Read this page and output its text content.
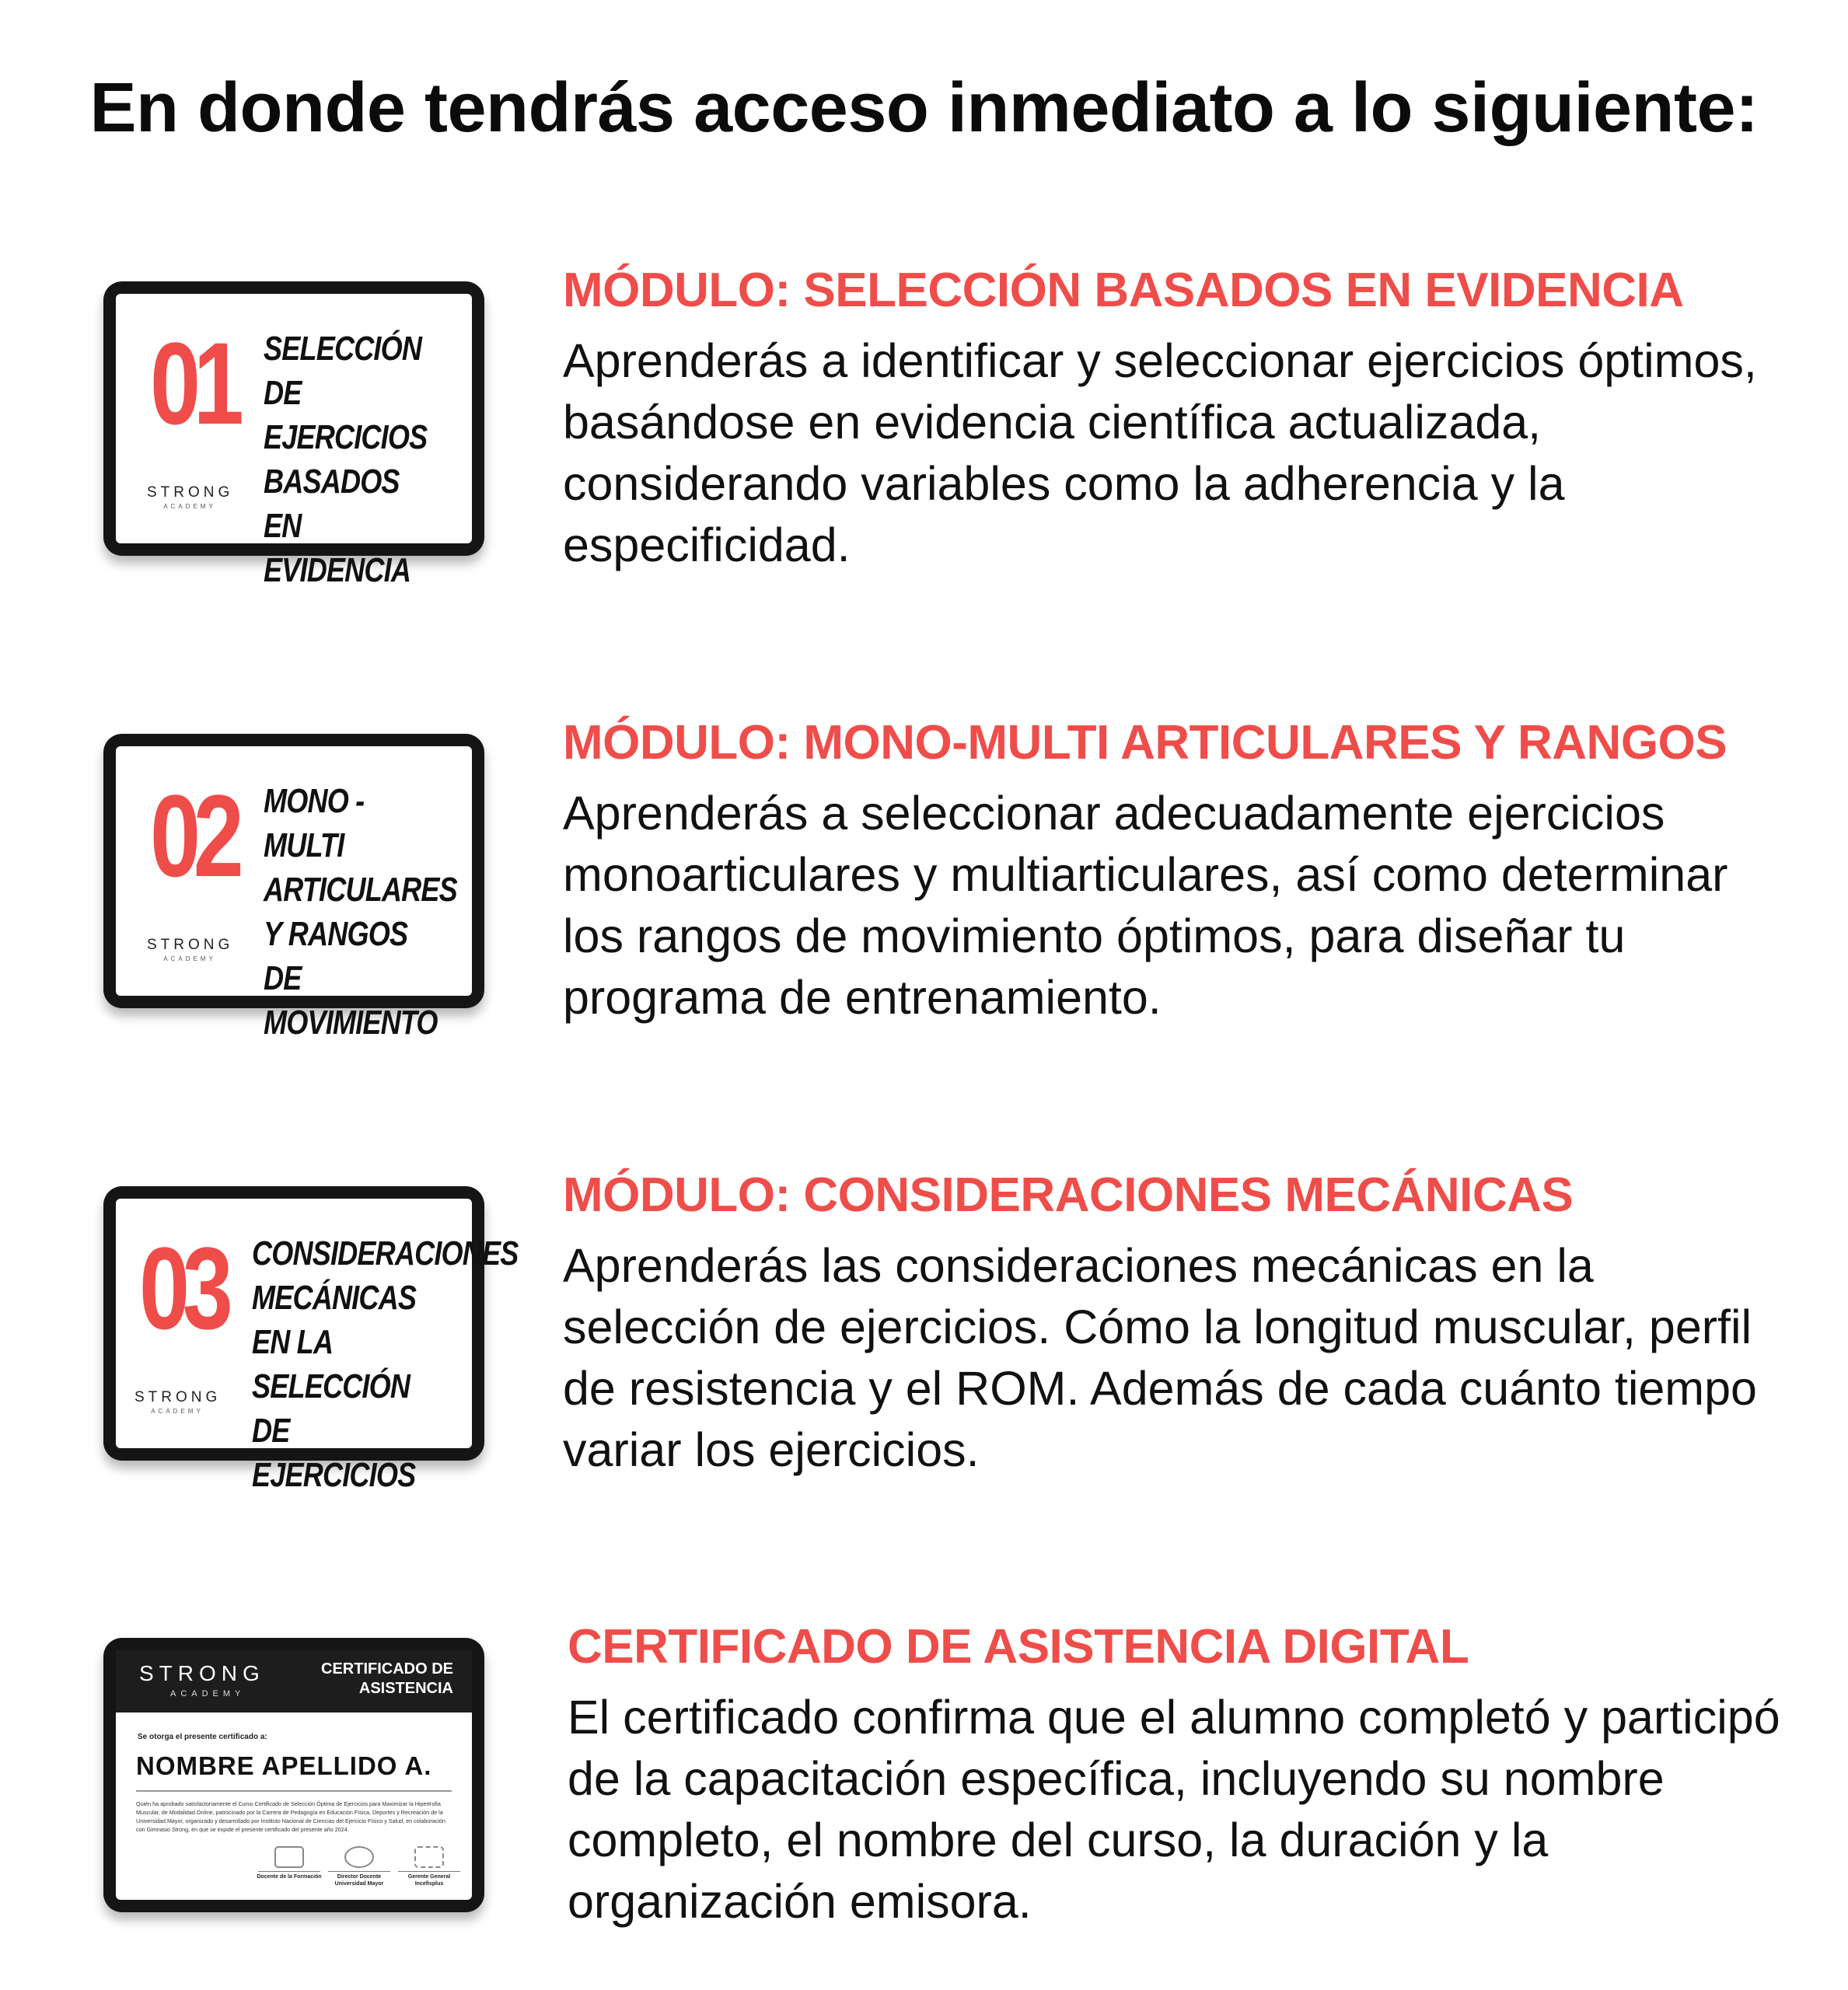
En donde tendrás acceso inmediato a lo siguiente:
01 SELECCIÓN DE EJERCICIOS BASADOS EN EVIDENCIA
STRONG
ACADEMY
MÓDULO: SELECCIÓN BASADOS EN EVIDENCIA
Aprenderás a identificar y seleccionar ejercicios óptimos, basándose en evidencia científica actualizada, considerando variables como la adherencia y la especificidad.
02 MONO - MULTI ARTICULARES Y RANGOS DE MOVIMIENTO
STRONG
ACADEMY
MÓDULO: MONO-MULTI ARTICULARES Y RANGOS
Aprenderás a seleccionar adecuadamente ejercicios monoarticulares y multiarticulares, así como determinar los rangos de movimiento óptimos, para diseñar tu programa de entrenamiento.
03 CONSIDERACIONES MECÁNICAS EN LA SELECCIÓN DE EJERCICIOS
STRONG
ACADEMY
MÓDULO: CONSIDERACIONES MECÁNICAS
Aprenderás las consideraciones mecánicas en la selección de ejercicios. Cómo la longitud muscular, perfil de resistencia y el ROM. Además de cada cuánto tiempo variar los ejercicios.
STRONG
ACADEMY
CERTIFICADO DE ASISTENCIA
Se otorga el presente certificado a:
NOMBRE APELLIDO A.
Quién ha aprobado satisfactoriamente el Curso Certificado de Selección Óptima de Ejercicios para Maximizar la Hipertrofia Muscular, de Modalidad Online, patrocinado por la Carrera de Pedagogía en Educación Física, Deportes y Recreación de la Universidad Mayor, organizado y desarrollado por Instituto Nacional de Ciencias del Ejercicio Físico y Salud, en colaboración con Gimnasio Strong, en que se expide el presente certificado del presente año 2024.
Docente de la Formación	Director Docente Universidad Mayor
Gerente General Incefisplus
CERTIFICADO DE ASISTENCIA DIGITAL
El certificado confirma que el alumno completó y participó de la capacitación específica, incluyendo su nombre completo, el nombre del curso, la duración y la organización emisora.
